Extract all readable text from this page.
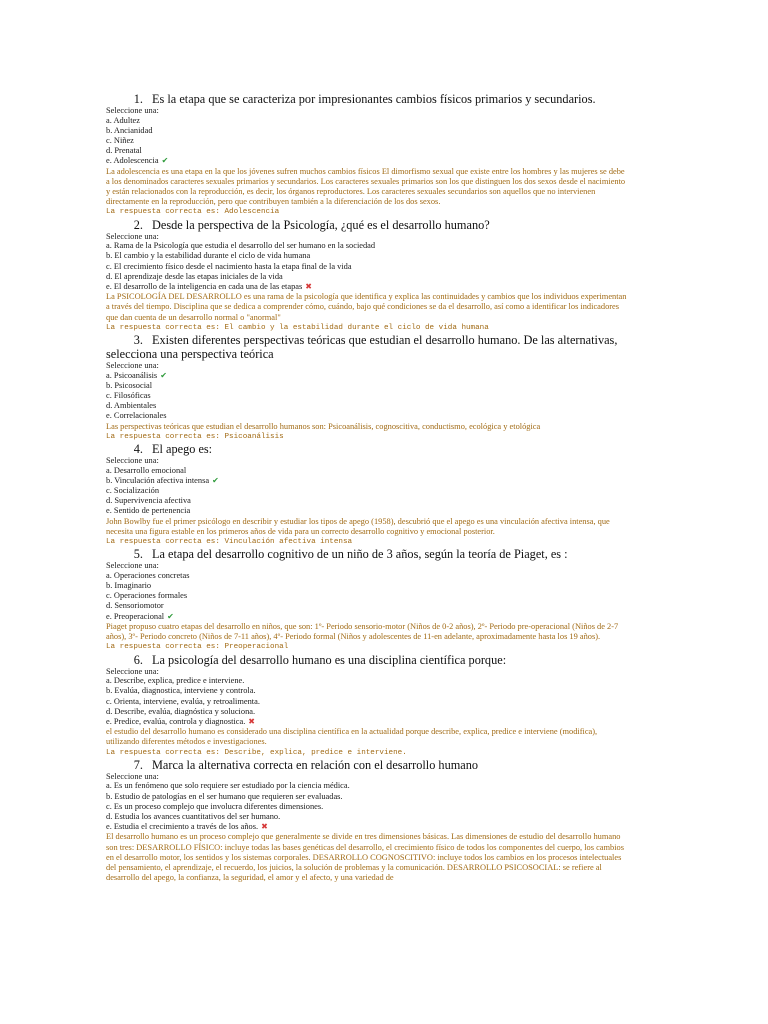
1. Es la etapa que se caracteriza por impresionantes cambios físicos primarios y secundarios.

Seleccione una:

a. Adultez

b. Ancianidad

c. Niñez

d. Prenatal

e. Adolescencia ✔

La adolescencia es una etapa en la que los jóvenes sufren muchos cambios físicos El dimorfismo sexual que existe entre los hombres y las mujeres se debe a los denominados caracteres sexuales primarios y secundarios. Los caracteres sexuales primarios son los que distinguen los dos sexos desde el nacimiento y están relacionados con la reproducción, es decir, los órganos reproductores. Los caracteres sexuales secundarios son aquellos que no intervienen directamente en la reproducción, pero que contribuyen también a la diferenciación de los dos sexos.

La respuesta correcta es: Adolescencia

2. Desde la perspectiva de la Psicología, ¿qué es el desarrollo humano?

Seleccione una:

a. Rama de la Psicología que estudia el desarrollo del ser humano en la sociedad

b. El cambio y la estabilidad durante el ciclo de vida humana

c. El crecimiento físico desde el nacimiento hasta la etapa final de la vida

d. El aprendizaje desde las etapas iniciales de la vida

e. El desarrollo de la inteligencia en cada una de las etapas ✖

La PSICOLOGÍA DEL DESARROLLO es una rama de la psicología que identifica y explica las continuidades y cambios que los individuos experimentan a través del tiempo. Disciplina que se dedica a comprender cómo, cuándo, bajo qué condiciones se da el desarrollo, así como a identificar los indicadores que dan cuenta de un desarrollo normal o "anormal"

La respuesta correcta es: El cambio y la estabilidad durante el ciclo de vida humana

3. Existen diferentes perspectivas teóricas que estudian el desarrollo humano. De las alternativas, selecciona una perspectiva teórica

Seleccione una:

a. Psicoanálisis ✔

b. Psicosocial

c. Filosóficas

d. Ambientales

e. Correlacionales

Las perspectivas teóricas que estudian el desarrollo humanos son: Psicoanálisis, cognoscitiva, conductismo, ecológica y etológica

La respuesta correcta es: Psicoanálisis

4. El apego es:

Seleccione una:

a. Desarrollo emocional

b. Vinculación afectiva intensa ✔

c. Socialización

d. Supervivencia afectiva

e. Sentido de pertenencia

John Bowlby fue el primer psicólogo en describir y estudiar los tipos de apego (1958), descubrió que el apego es una vinculación afectiva intensa, que necesita una figura estable en los primeros años de vida para un correcto desarrollo cognitivo y emocional posterior.

La respuesta correcta es: Vinculación afectiva intensa

5. La etapa del desarrollo cognitivo de un niño de 3 años, según la teoría de Piaget, es :

Seleccione una:

a. Operaciones concretas

b. Imaginario

c. Operaciones formales

d. Sensoriomotor

e. Preoperacional ✔

Piaget propuso cuatro etapas del desarrollo en niños, que son: 1º- Periodo sensorio-motor (Niños de 0-2 años), 2º- Periodo pre-operacional (Niños de 2-7 años), 3º- Periodo concreto (Niños de 7-11 años), 4º- Periodo formal (Niños y adolescentes de 11-en adelante, aproximadamente hasta los 19 años).

La respuesta correcta es: Preoperacional

6. La psicología del desarrollo humano es una disciplina científica porque:

Seleccione una:

a. Describe, explica, predice e interviene.

b. Evalúa, diagnostica, interviene y controla.

c. Orienta, interviene, evalúa, y retroalimenta.

d. Describe, evalúa, diagnóstica y soluciona.

e. Predice, evalúa, controla y diagnostica. ✖

el estudio del desarrollo humano es considerado una disciplina científica en la actualidad porque describe, explica, predice e interviene (modifica), utilizando diferentes métodos e investigaciones.

La respuesta correcta es: Describe, explica, predice e interviene.

7. Marca la alternativa correcta en relación con el desarrollo humano

Seleccione una:

a. Es un fenómeno que solo requiere ser estudiado por la ciencia médica.

b. Estudio de patologías en el ser humano que requieren ser evaluadas.

c. Es un proceso complejo que involucra diferentes dimensiones.

d. Estudia los avances cuantitativos del ser humano.

e. Estudia el crecimiento a través de los años. ✖

El desarrollo humano es un proceso complejo que generalmente se divide en tres dimensiones básicas. Las dimensiones de estudio del desarrollo humano son tres: DESARROLLO FÍSICO: incluye todas las bases genéticas del desarrollo, el crecimiento físico de todos los componentes del cuerpo, los cambios en el desarrollo motor, los sentidos y los sistemas corporales. DESARROLLO COGNOSCITIVO: incluye todos los cambios en los procesos intelectuales del pensamiento, el aprendizaje, el recuerdo, los juicios, la solución de problemas y la comunicación. DESARROLLO PSICOSOCIAL: se refiere al desarrollo del apego, la confianza, la seguridad, el amor y el afecto, y una variedad de
